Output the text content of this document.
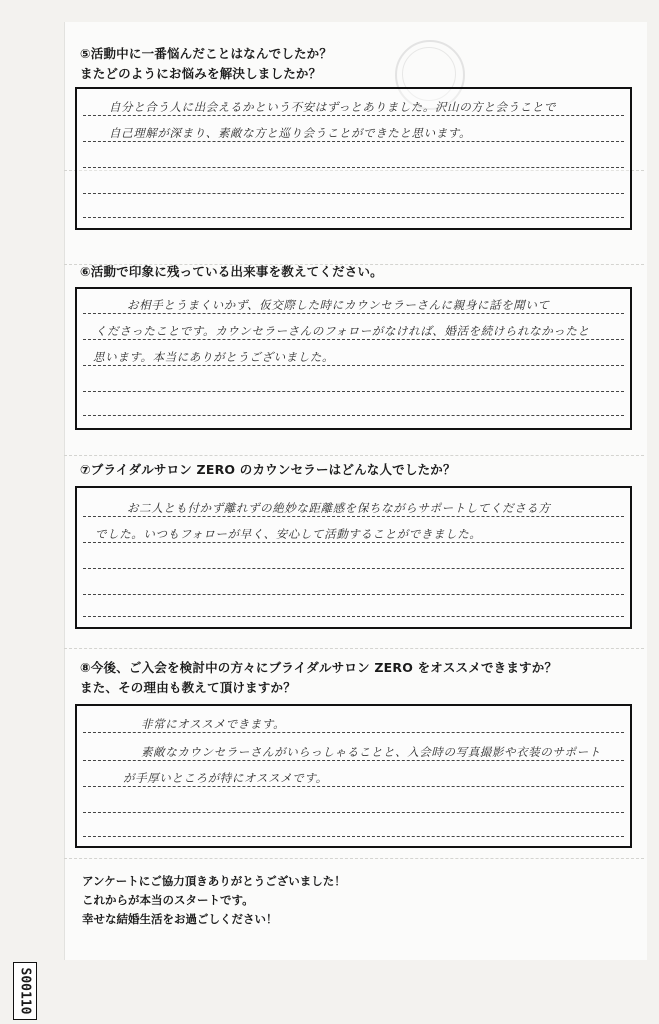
⑤活動中に一番悩んだことはなんでしたか？
またどのようにお悩みを解決しましたか？
自分と合う人に出会えるかという不安はずっとありました。沢山の方と会うことで
自己理解が深まり、素敵な方と巡り会うことができたと思います。
⑥活動で印象に残っている出来事を教えてください。
お相手とうまくいかず、仮交際した時にカウンセラーさんに親身に話を聞いて
くださったことです。カウンセラーさんのフォローがなければ、婚活を続けられなかったと
思います。本当にありがとうございました。
⑦ブライダルサロン ZERO のカウンセラーはどんな人でしたか？
お二人とも付かず離れずの絶妙な距離感を保ちながらサポートしてくださる方
でした。いつもフォローが早く、安心して活動することができました。
⑧今後、ご入会を検討中の方々にブライダルサロン ZERO をオススメできますか？
また、その理由も教えて頂けますか？
非常にオススメできます。
素敵なカウンセラーさんがいらっしゃることと、入会時の写真撮影や衣装のサポート
が手厚いところが特にオススメです。
アンケートにご協力頂きありがとうございました！
これからが本当のスタートです。
幸せな結婚生活をお過ごしください！
S00110
